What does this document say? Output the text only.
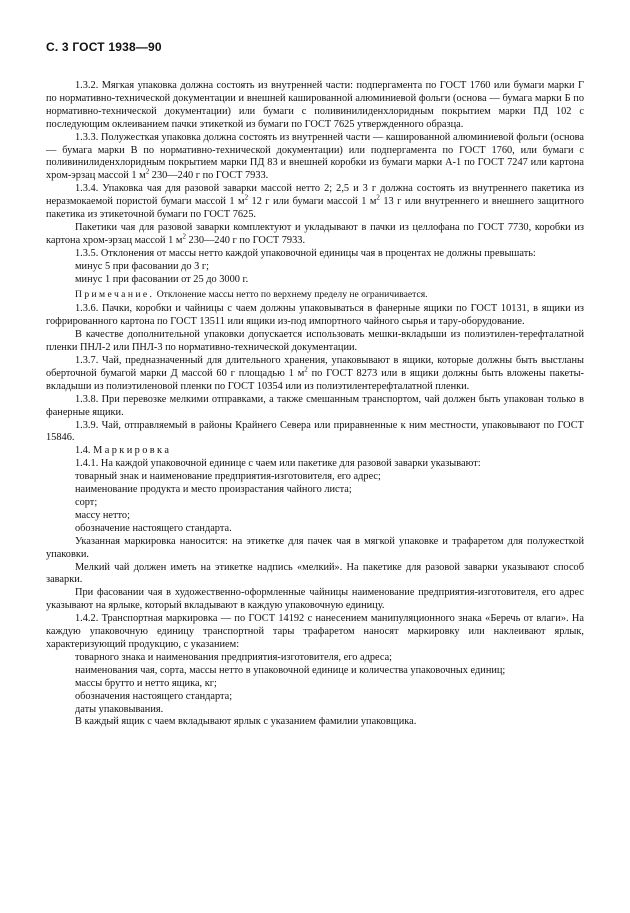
С. 3 ГОСТ 1938—90

1.3.2. Мягкая упаковка должна состоять из внутренней части: подпергамента по ГОСТ 1760 или бумаги марки Г по нормативно-технической документации и внешней кашированной алюминиевой фольги (основа — бумага марки Б по нормативно-технической документации) или бумаги с поливинилиденхлоридным покрытием марки ПД 102 с последующим оклеиванием пачки этикеткой из бумаги по ГОСТ 7625 утвержденного образца.

1.3.3. Полужесткая упаковка должна состоять из внутренней части — кашированной алюминиевой фольги (основа — бумага марки В по нормативно-технической документации) или подпергамента по ГОСТ 1760, или бумаги с поливинилиденхлоридным покрытием марки ПД 83 и внешней коробки из бумаги марки А-1 по ГОСТ 7247 или картона хром-эрзац массой 1 $м^2$ 230—240 г по ГОСТ 7933.

1.3.4. Упаковка чая для разовой заварки массой нетто 2; 2,5 и 3 г должна состоять из внутреннего пакетика из неразмокаемой пористой бумаги массой 1 $м^2$ 12 г или бумаги массой 1 $м^2$ 13 г или внутреннего и внешнего защитного пакетика из этикеточной бумаги по ГОСТ 7625.

Пакетики чая для разовой заварки комплектуют и укладывают в пачки из целлофана по ГОСТ 7730, коробки из картона хром-эрзац массой 1 $м^2$ 230—240 г по ГОСТ 7933.

1.3.5. Отклонения от массы нетто каждой упаковочной единицы чая в процентах не должны превышать:

минус 5 при фасовании до 3 г;

минус 1 при фасовании от 25 до 3000 г.

Примечание. Отклонение массы нетто по верхнему пределу не ограничивается.

1.3.6. Пачки, коробки и чайницы с чаем должны упаковываться в фанерные ящики по ГОСТ 10131, в ящики из гофрированного картона по ГОСТ 13511 или ящики из-под импортного чайного сырья и тару-оборудование.

В качестве дополнительной упаковки допускается использовать мешки-вкладыши из полиэтилен-терефталатной пленки ПНЛ-2 или ПНЛ-3 по нормативно-технической документации.

1.3.7. Чай, предназначенный для длительного хранения, упаковывают в ящики, которые должны быть выстланы оберточной бумагой марки Д массой 60 г площадью 1 $м^2$ по ГОСТ 8273 или в ящики должны быть вложены пакеты-вкладыши из полиэтиленовой пленки по ГОСТ 10354 или из полиэтилентерефталатной пленки.

1.3.8. При перевозке мелкими отправками, а также смешанным транспортом, чай должен быть упакован только в фанерные ящики.

1.3.9. Чай, отправляемый в районы Крайнего Севера или приравненные к ним местности, упаковывают по ГОСТ 15846.

1.4. Маркировка

1.4.1. На каждой упаковочной единице с чаем или пакетике для разовой заварки указывают:

товарный знак и наименование предприятия-изготовителя, его адрес;

наименование продукта и место произрастания чайного листа;

сорт;

массу нетто;

обозначение настоящего стандарта.

Указанная маркировка наносится: на этикетке для пачек чая в мягкой упаковке и трафаретом для полужесткой упаковки.

Мелкий чай должен иметь на этикетке надпись «мелкий». На пакетике для разовой заварки указывают способ заварки.

При фасовании чая в художественно-оформленные чайницы наименование предприятия-изготовителя, его адрес указывают на ярлыке, который вкладывают в каждую упаковочную единицу.

1.4.2. Транспортная маркировка — по ГОСТ 14192 с нанесением манипуляционного знака «Беречь от влаги». На каждую упаковочную единицу транспортной тары трафаретом наносят маркировку или наклеивают ярлык, характеризующий продукцию, с указанием:

товарного знака и наименования предприятия-изготовителя, его адреса;

наименования чая, сорта, массы нетто в упаковочной единице и количества упаковочных единиц;

массы брутто и нетто ящика, кг;

обозначения настоящего стандарта;

даты упаковывания.

В каждый ящик с чаем вкладывают ярлык с указанием фамилии упаковщика.
